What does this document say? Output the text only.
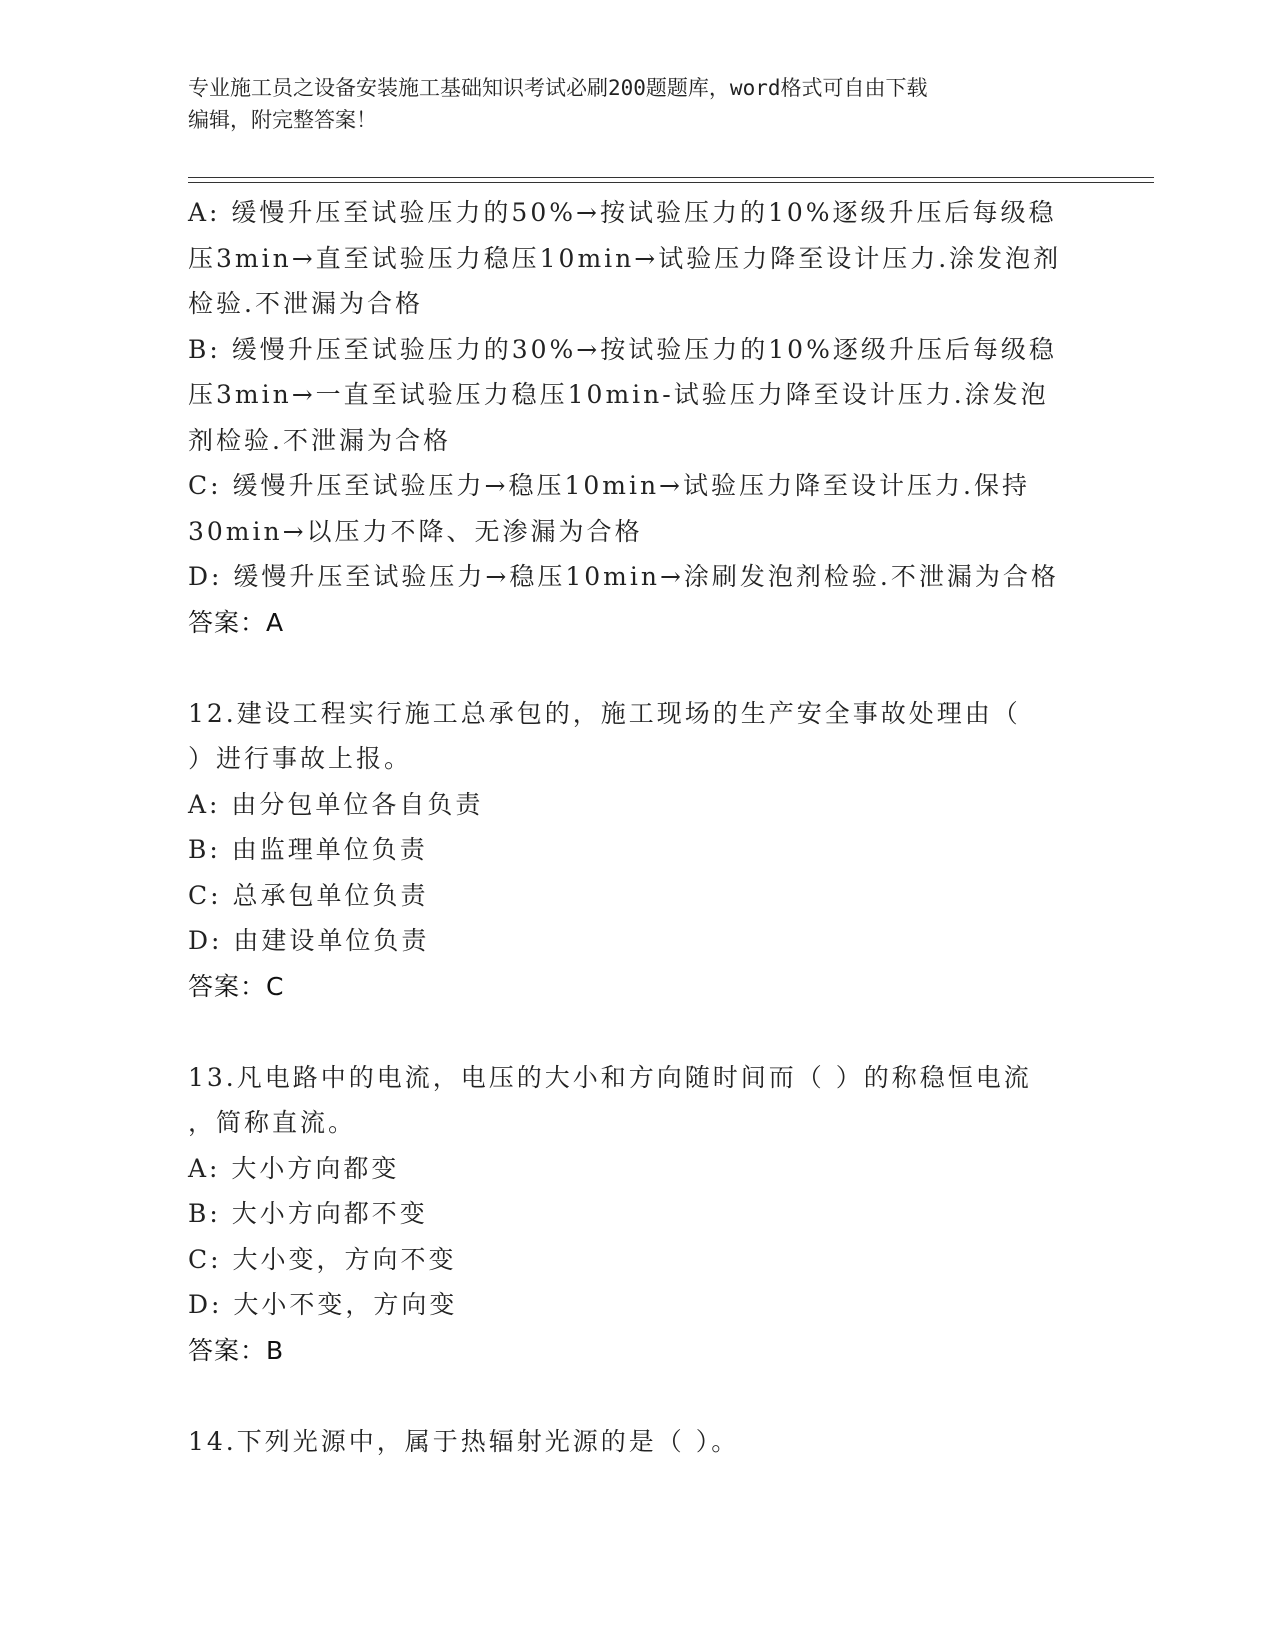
专业施工员之设备安装施工基础知识考试必刷200题题库，word格式可自由下载
编辑，附完整答案！
A: 缓慢升压至试验压力的50%→按试验压力的10%逐级升压后每级稳
压3min→直至试验压力稳压10min→试验压力降至设计压力.涂发泡剂
检验.不泄漏为合格
B: 缓慢升压至试验压力的30%→按试验压力的10%逐级升压后每级稳
压3min→一直至试验压力稳压10min-试验压力降至设计压力.涂发泡
剂检验.不泄漏为合格
C: 缓慢升压至试验压力→稳压10min→试验压力降至设计压力.保持
30min→以压力不降、无渗漏为合格
D: 缓慢升压至试验压力→稳压10min→涂刷发泡剂检验.不泄漏为合格
答案：A
12.建设工程实行施工总承包的，施工现场的生产安全事故处理由（
）进行事故上报。
A: 由分包单位各自负责
B: 由监理单位负责
C: 总承包单位负责
D: 由建设单位负责
答案：C
13.凡电路中的电流，电压的大小和方向随时间而（ ）的称稳恒电流
，简称直流。
A: 大小方向都变
B: 大小方向都不变
C: 大小变，方向不变
D: 大小不变，方向变
答案：B
14.下列光源中，属于热辐射光源的是（ ）。
